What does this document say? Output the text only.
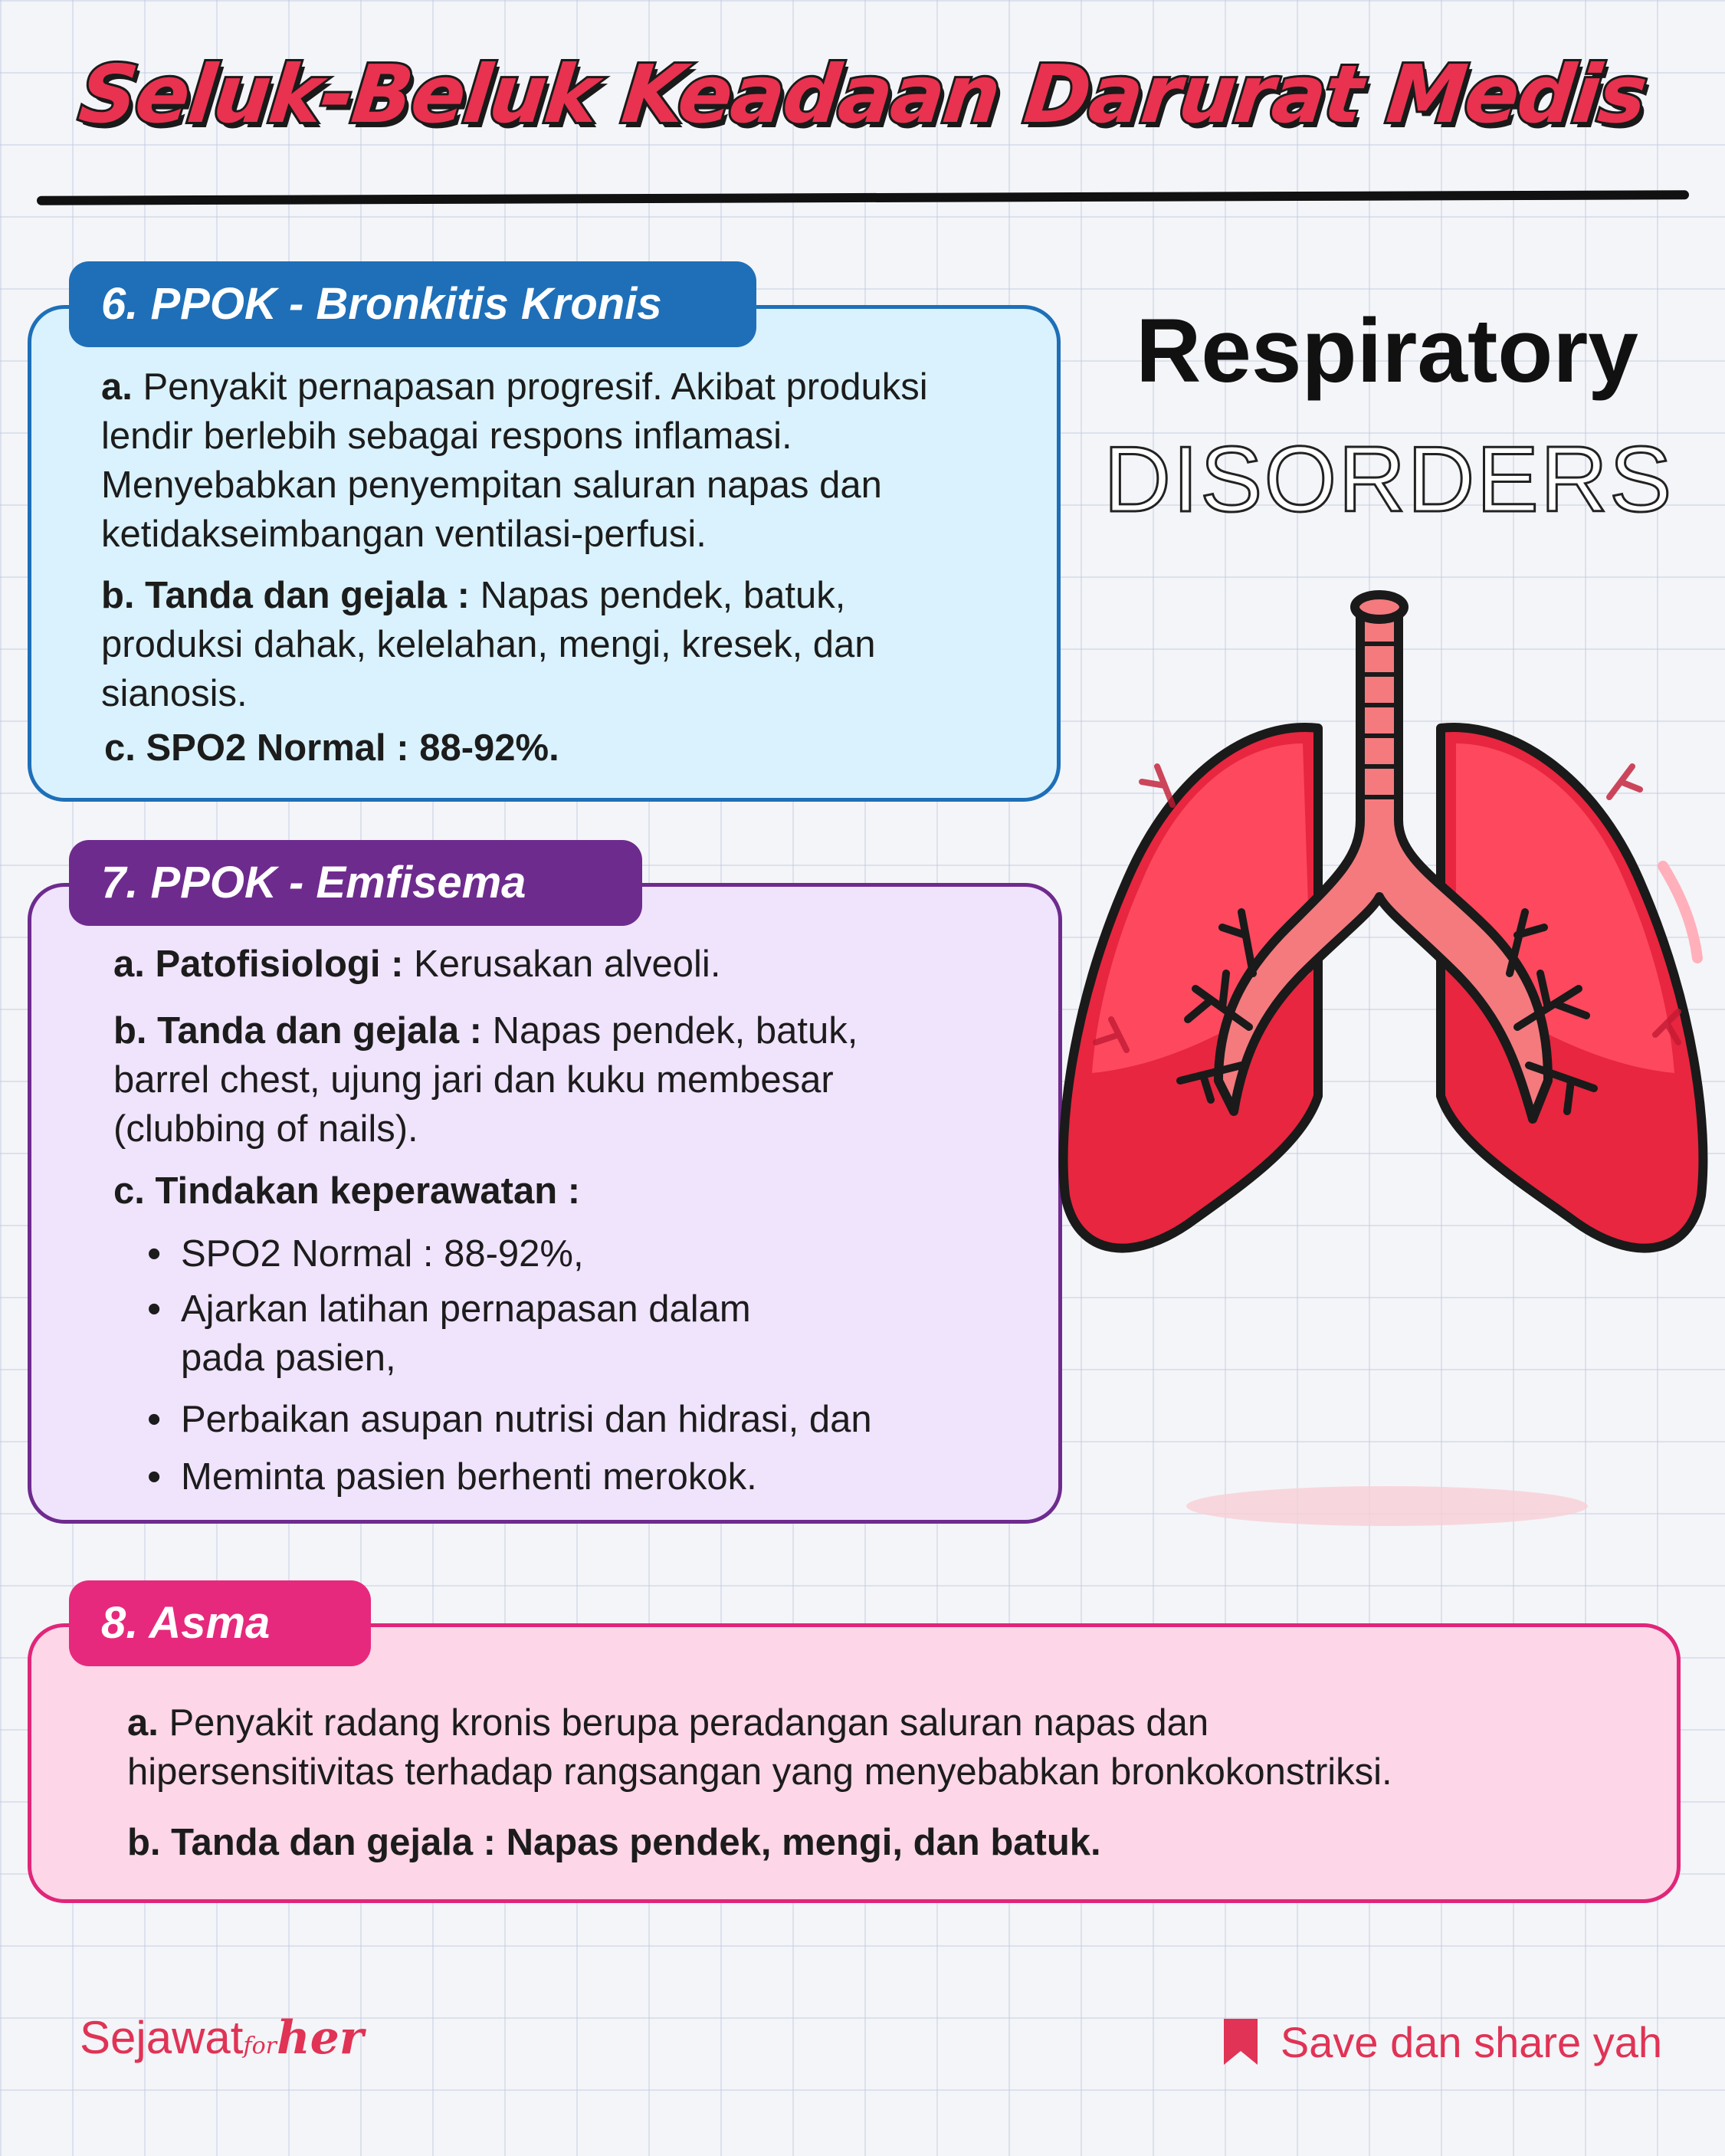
Seluk-Beluk Keadaan Darurat Medis
6. PPOK - Bronkitis Kronis
a. Penyakit pernapasan progresif. Akibat produksi
lendir berlebih sebagai respons inflamasi.
Menyebabkan penyempitan saluran napas dan
ketidakseimbangan ventilasi-perfusi.
b. Tanda dan gejala : Napas pendek, batuk,
produksi dahak, kelelahan, mengi, kresek, dan
sianosis.
c. SPO2 Normal : 88-92%.
7. PPOK - Emfisema
a. Patofisiologi : Kerusakan alveoli.
b. Tanda dan gejala : Napas pendek, batuk,
barrel chest, ujung jari dan kuku membesar
(clubbing of nails).
c. Tindakan keperawatan :
• SPO2 Normal : 88-92%,
• Ajarkan latihan pernapasan dalam
pada pasien,
• Perbaikan asupan nutrisi dan hidrasi, dan
• Meminta pasien berhenti merokok.
8. Asma
a. Penyakit radang kronis berupa peradangan saluran napas dan
hipersensitivitas terhadap rangsangan yang menyebabkan bronkokonstriksi.
b. Tanda dan gejala : Napas pendek, mengi, dan batuk.
Respiratory
DISORDERS
Sejawatforher	Save dan share yah
